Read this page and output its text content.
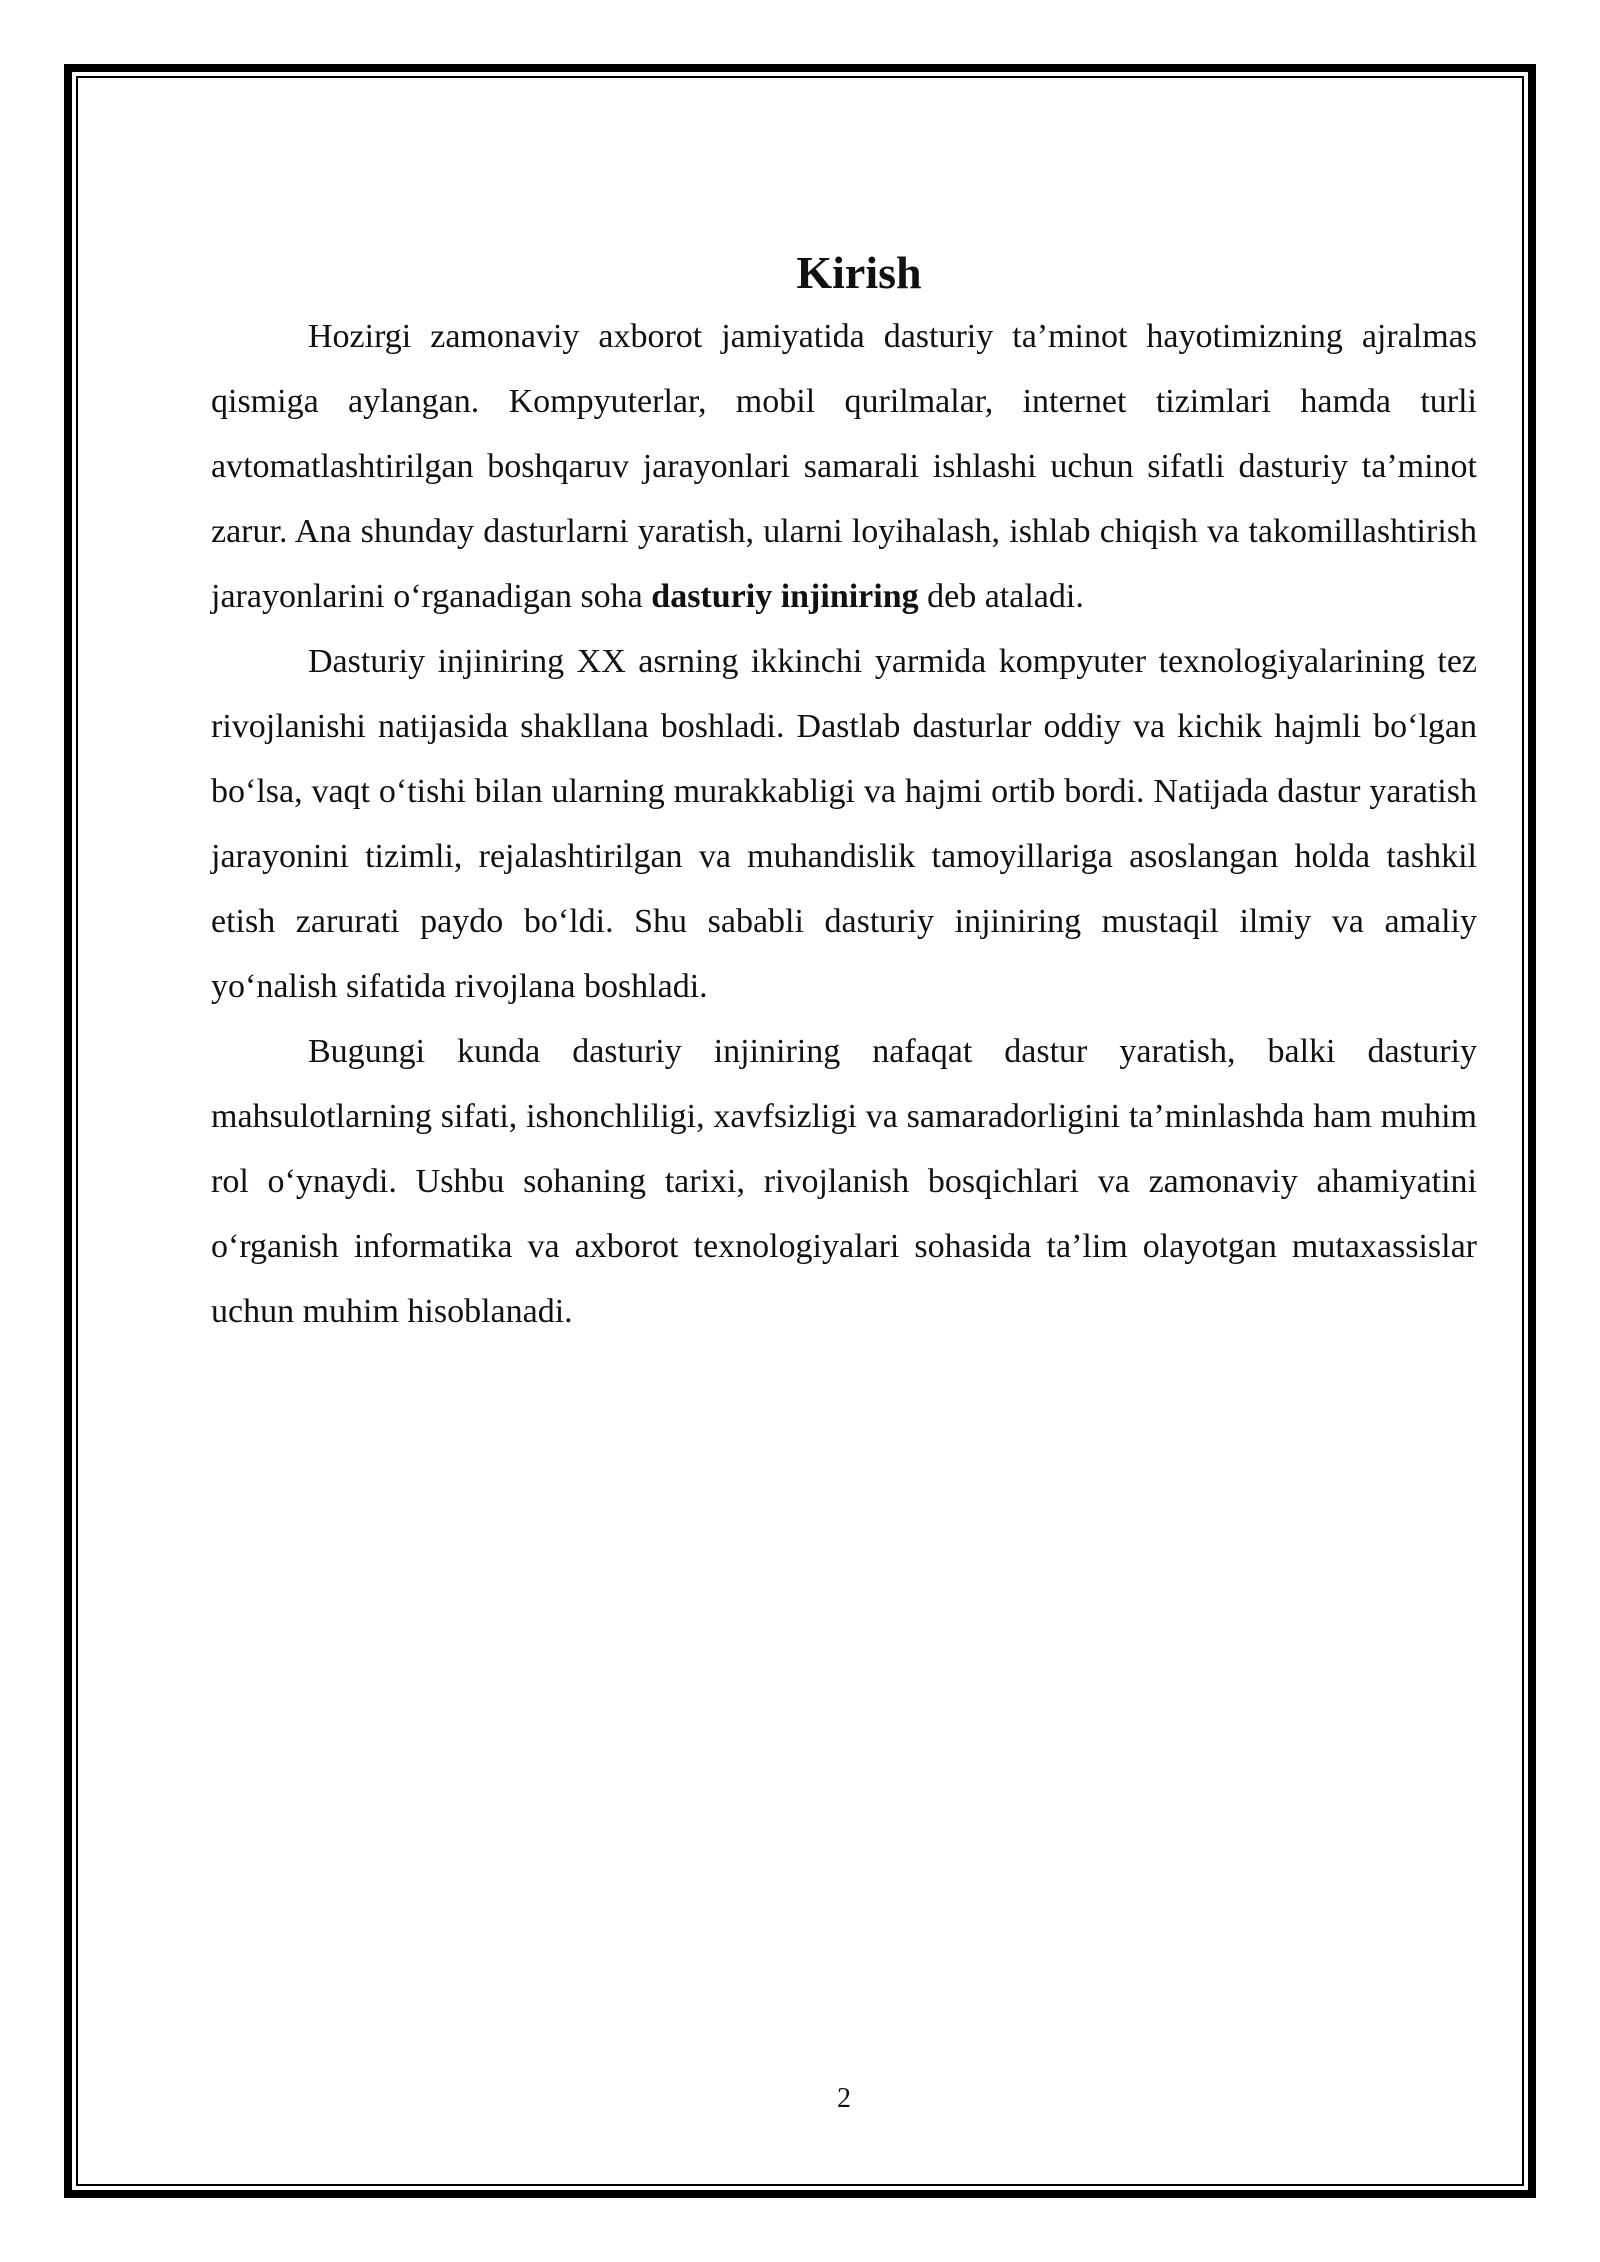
Kirish

Hozirgi zamonaviy axborot jamiyatida dasturiy ta’minot hayotimizning ajralmas qismiga aylangan. Kompyuterlar, mobil qurilmalar, internet tizimlari hamda turli avtomatlashtirilgan boshqaruv jarayonlari samarali ishlashi uchun sifatli dasturiy ta’minot zarur. Ana shunday dasturlarni yaratish, ularni loyihalash, ishlab chiqish va takomillashtirish jarayonlarini o‘rganadigan soha dasturiy injiniring deb ataladi.

Dasturiy injiniring XX asrning ikkinchi yarmida kompyuter texnologiyalarining tez rivojlanishi natijasida shakllana boshladi. Dastlab dasturlar oddiy va kichik hajmli bo‘lgan bo‘lsa, vaqt o‘tishi bilan ularning murakkabligi va hajmi ortib bordi. Natijada dastur yaratish jarayonini tizimli, rejalashtirilgan va muhandislik tamoyillariga asoslangan holda tashkil etish zarurati paydo bo‘ldi. Shu sababli dasturiy injiniring mustaqil ilmiy va amaliy yo‘nalish sifatida rivojlana boshladi.

Bugungi kunda dasturiy injiniring nafaqat dastur yaratish, balki dasturiy mahsulotlarning sifati, ishonchliligi, xavfsizligi va samaradorligini ta’minlashda ham muhim rol o‘ynaydi. Ushbu sohaning tarixi, rivojlanish bosqichlari va zamonaviy ahamiyatini o‘rganish informatika va axborot texnologiyalari sohasida ta’lim olayotgan mutaxassislar uchun muhim hisoblanadi.

2
